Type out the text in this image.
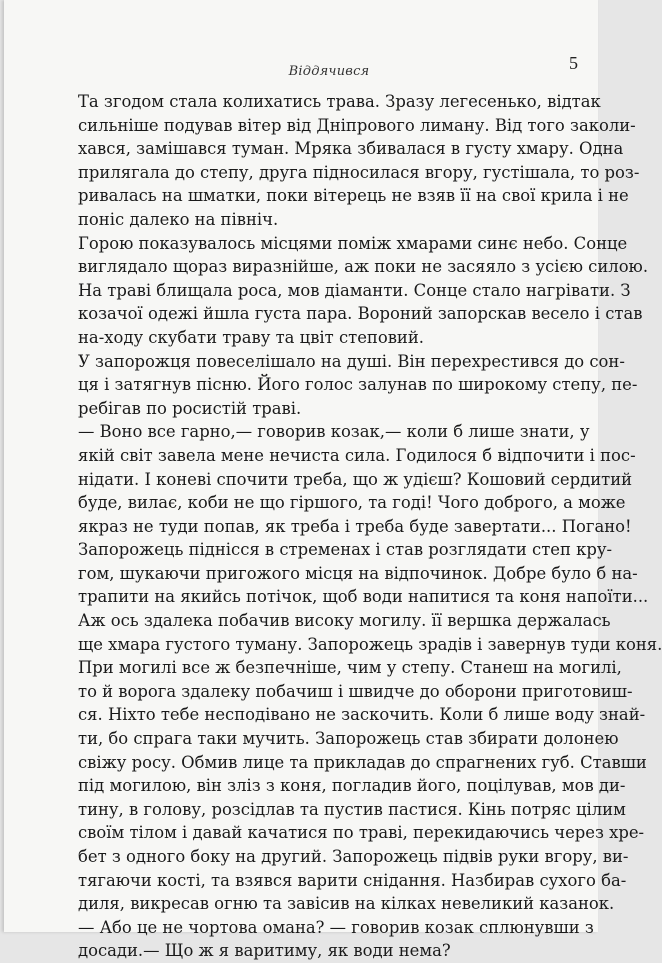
Віддячився	5

Та згодом стала колихатись трава. Зразу легесенько, відтак
сильніше подував вітер від Дніпрового лиману. Від того заколи-
хався, замішався туман. Мряка збивалася в густу хмару. Одна
прилягала до степу, друга підносилася вгору, густішала, то роз-
ривалась на шматки, поки вітерець не взяв її на свої крила і не
поніс далеко на північ.

Горою показувалось місцями поміж хмарами синє небо. Сонце
виглядало щораз виразнійше, аж поки не засяяло з усією силою.
На траві блищала роса, мов діаманти. Сонце стало нагрівати. З
козачої одежі йшла густа пара. Вороний запорскав весело і став
на-ходу скубати траву та цвіт степовий.

У запорожця повеселішало на душі. Він перехрестився до сон-
ця і затягнув пісню. Його голос залунав по широкому степу, пе-
ребігав по росистій траві.

— Воно все гарно,— говорив козак,— коли б лише знати, у
якій світ завела мене нечиста сила. Годилося б відпочити і пос-
нідати. І коневі спочити треба, що ж удієш? Кошовий сердитий
буде, вилає, коби не що гіршого, та годі! Чого доброго, а може
якраз не туди попав, як треба і треба буде завертати... Погано!

Запорожець піднісся в стременах і став розглядати степ кру-
гом, шукаючи пригожого місця на відпочинок. Добре було б на-
трапити на якийсь потічок, щоб води напитися та коня напоїти...

Аж ось здалека побачив високу могилу. її вершка держалась
ще хмара густого туману. Запорожець зрадів і завернув туди коня.

При могилі все ж безпечніше, чим у степу. Станеш на могилі,
то й ворога здалеку побачиш і швидче до оборони приготовиш-
ся. Ніхто тебе несподівано не заскочить. Коли б лише воду знай-
ти, бо спрага таки мучить. Запорожець став збирати долонею
свіжу росу. Обмив лице та прикладав до спрагнених губ. Ставши
під могилою, він зліз з коня, погладив його, поцілував, мов ди-
тину, в голову, розсідлав та пустив пастися. Кінь потряс цілим
своїм тілом і давай качатися по траві, перекидаючись через хре-
бет з одного боку на другий. Запорожець підвів руки вгору, ви-
тягаючи кості, та взявся варити снідання. Назбирав сухого ба-
диля, викресав огню та завісив на кілках невеликий казанок.

— Або це не чортова омана? — говорив козак сплюнувши з
досади.— Що ж я варитиму, як води нема?
